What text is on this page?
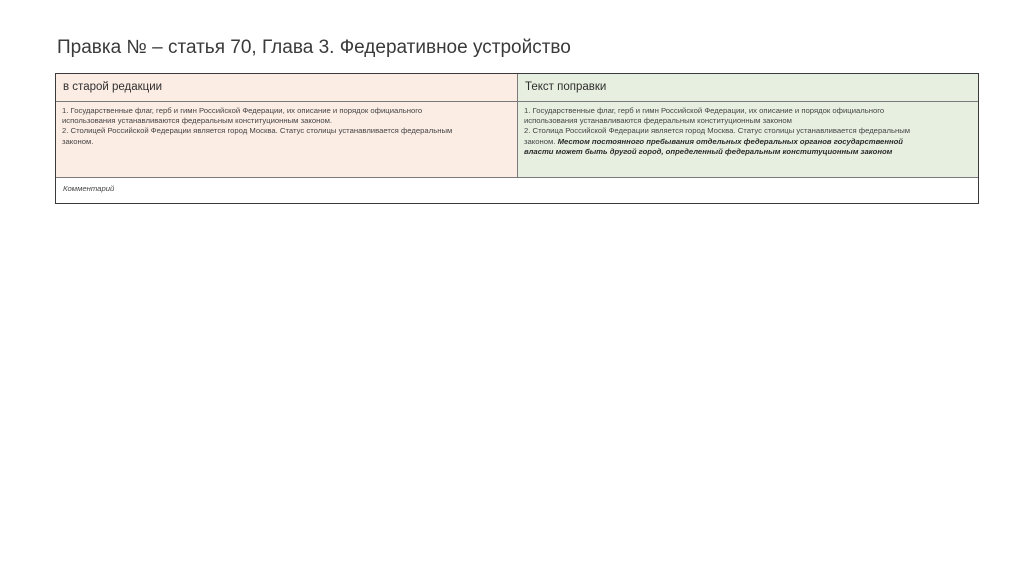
Правка № – статья 70, Глава 3. Федеративное устройство
в старой редакции	Текст поправки

1. Государственные флаг, герб и гимн Российской Федерации, их описание и порядок официального

использования устанавливаются федеральным конституционным законом.

2. Столицей Российской Федерации является город Москва. Статус столицы устанавливается федеральным

законом.

1. Государственные флаг, герб и гимн Российской Федерации, их описание и порядок официального

использования устанавливаются федеральным конституционным законом

2. Столица Российской Федерации является город Москва. Статус столицы устанавливается федеральным

законом. Местом постоянного пребывания отдельных федеральных органов государственной

власти может быть другой город, определенный федеральным конституционным законом

Комментарий
